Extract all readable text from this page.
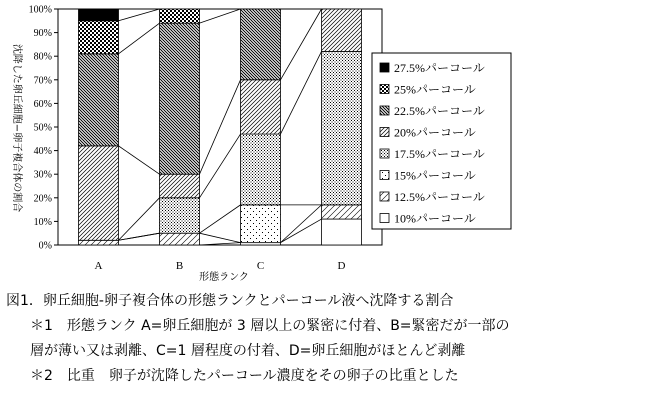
0%
10%
20%
30%
40%
50%
60%
70%
80%
90%
100%
A	B	C	D
沈降した卵丘細胞−卵子複合体の割合
形態ランク
27.5%パーコール
25%パーコール
22.5%パーコール
20%パーコール
17.5%パーコール
15%パーコール
12.5%パーコール
10%パーコール
図1．卵丘細胞-卵子複合体の形態ランクとパーコール液へ沈降する割合
＊1　形態ランク A=卵丘細胞が 3 層以上の緊密に付着、B=緊密だが一部の
層が薄い又は剥離、C=1 層程度の付着、D=卵丘細胞がほとんど剥離
＊2　比重　卵子が沈降したパーコール濃度をその卵子の比重とした
